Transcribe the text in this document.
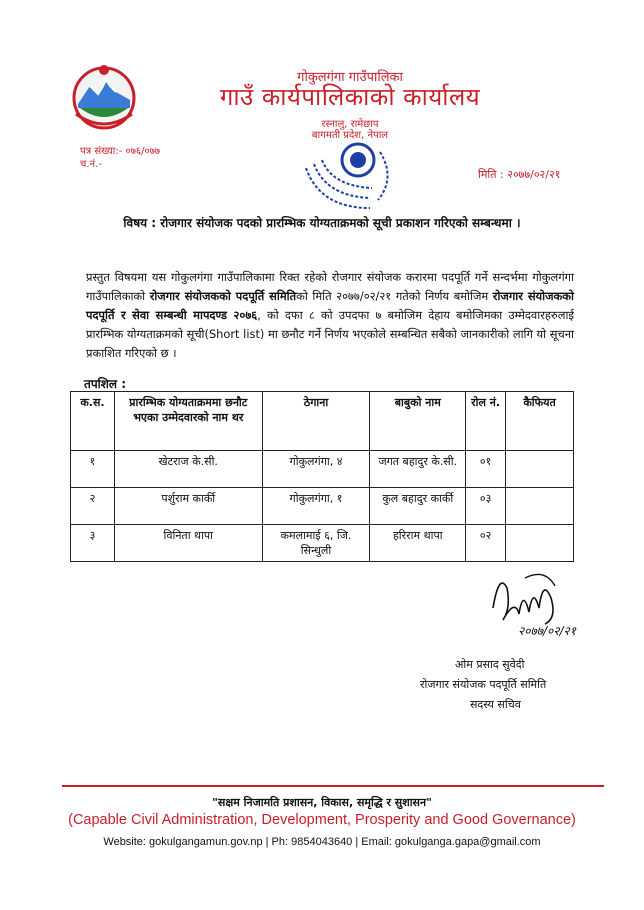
गोकुलगंगा गाउँपालिका
गाउँ कार्यपालिकाको कार्यालय
रस्नालु, रामेछाप
बागमती प्रदेश, नेपाल
पत्र संख्या:- ०७६/०७७
च.नं.-
मिति : २०७७/०२/२१
विषय : रोजगार संयोजक पदको प्रारम्भिक योग्यताक्रमको सूची प्रकाशन गरिएको सम्बन्धमा ।
प्रस्तुत विषयमा यस गोकुलगंगा गाउँपालिकामा रिक्त रहेको रोजगार संयोजक करारमा पदपूर्ति गर्ने सन्दर्भमा गोकुलगंगा गाउँपालिकाको रोजगार संयोजकको पदपूर्ति समितिको मिति २०७७/०२/२१ गतेको निर्णय बमोजिम रोजगार संयोजकको पदपूर्ति र सेवा सम्बन्धी मापदण्ड २०७६, को दफा ८ को उपदफा ७ बमोजिम देहाय बमोजिमका उम्मेदवारहरुलाई प्रारम्भिक योग्यताक्रमको सूची(Short list) मा छनौट गर्ने निर्णय भएकोले सम्बन्धित सबैको जानकारीको लागि यो सूचना प्रकाशित गरिएको छ ।
तपशिल :
क.स.	प्रारम्भिक योग्यताक्रममा छनौट भएका उम्मेदवारको नाम थर	ठेगाना	बाबुको नाम	रोल नं.	कैफियत
१	खेटराज के.सी.	गोकुलगंगा, ४	जगत बहादुर के.सी.	०१	
२	पर्शुराम कार्की	गोकुलगंगा, १	कुल बहादुर कार्की	०३	
३	विनिता थापा	कमलामाई ६, जि. सिन्धुली	हरिराम थापा	०२	
२०७७/०२/२१
ओम प्रसाद सुवेदी
रोजगार संयोजक पदपूर्ति समिति
सदस्य सचिव
"सक्षम निजामति प्रशासन, विकास, समृद्धि र सुशासन"
(Capable Civil Administration, Development, Prosperity and Good Governance)
Website: gokulgangamun.gov.np | Ph: 9854043640 | Email: gokulganga.gapa@gmail.com
